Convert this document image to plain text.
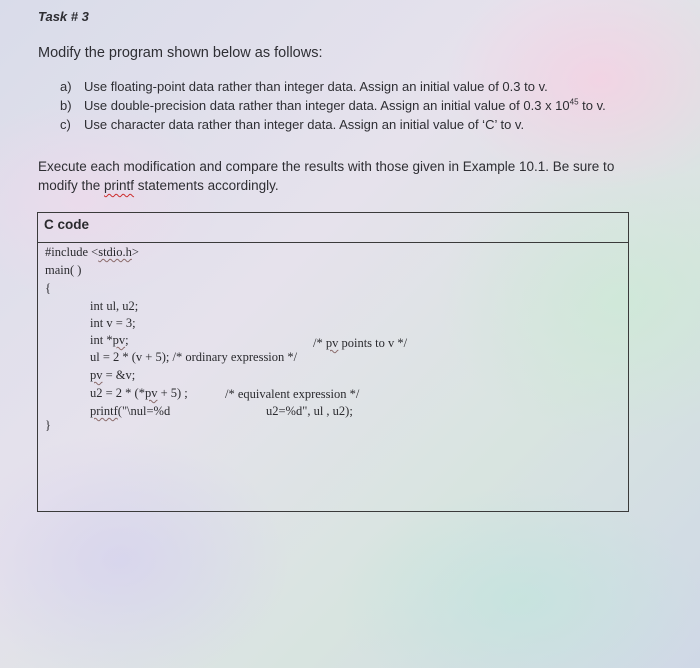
Task # 3
Modify the program shown below as follows:
a) Use floating-point data rather than integer data. Assign an initial value of 0.3 to v.
b) Use double-precision data rather than integer data. Assign an initial value of 0.3 x $10^{45}$ to v.
c)	Use character data rather than integer data. Assign an initial value of ‘C’ to v.
Execute each modification and compare the results with those given in Example 10.1. Be sure to
modify the printf statements accordingly.
C code
#include <stdio.h>
main( )
{
int ul, u2;
int v = 3;
int *pv;	/* pv points to v */
ul = 2 * (v + 5); /* ordinary expression */
pv = &v;
u2 = 2 * (*pv + 5) ;	/* equivalent expression */
printf("\nul=%d	u2=%d", ul , u2);
}
